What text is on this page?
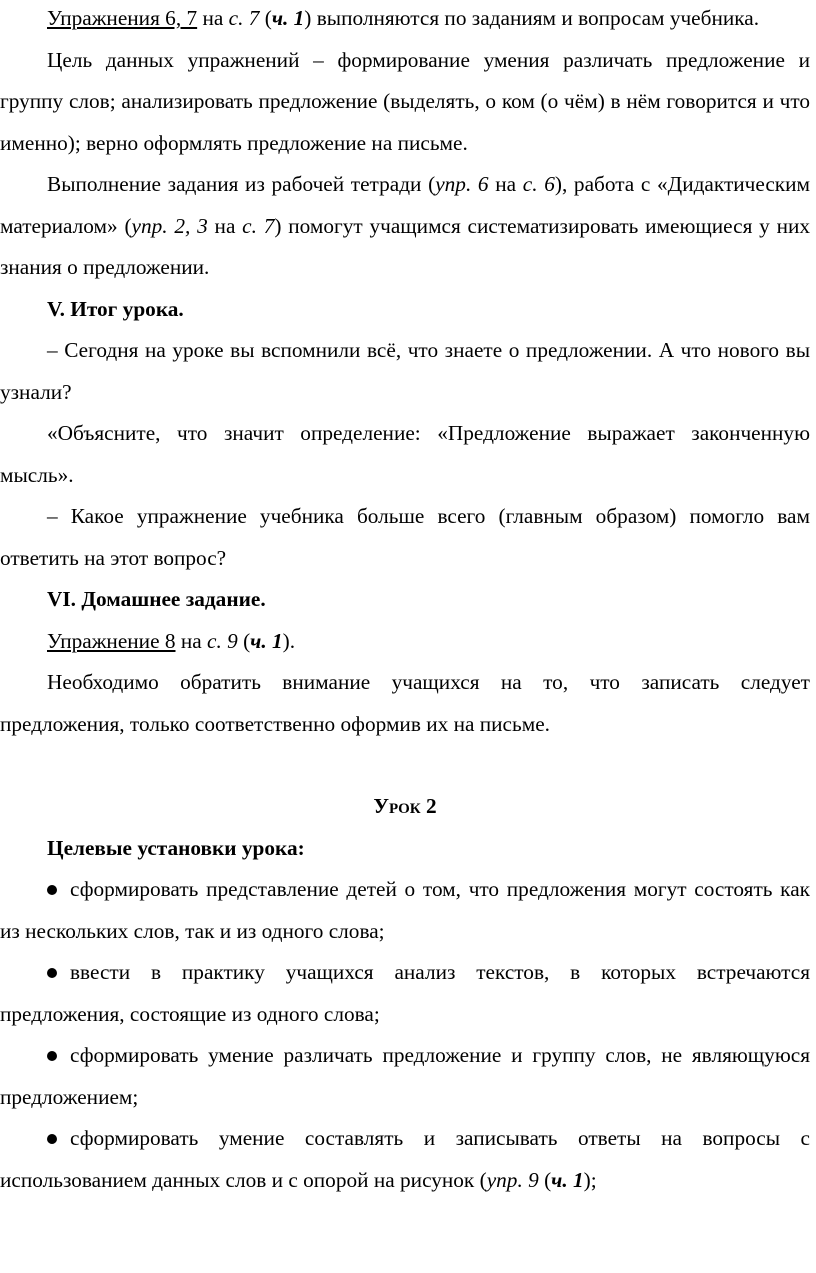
Упражнения 6, 7 на с. 7 (ч. 1) выполняются по заданиям и вопросам учебника.

Цель данных упражнений – формирование умения различать предложение и группу слов; анализировать предложение (выделять, о ком (о чём) в нём говорится и что именно); верно оформлять предложение на письме.

Выполнение задания из рабочей тетради (упр. 6 на с. 6), работа с «Дидактическим материалом» (упр. 2, 3 на с. 7) помогут учащимся систематизировать имеющиеся у них знания о предложении.

V. Итог урока.

– Сегодня на уроке вы вспомнили всё, что знаете о предложении. А что нового вы узнали?

«Объясните, что значит определение: «Предложение выражает законченную мысль».

– Какое упражнение учебника больше всего (главным образом) помогло вам ответить на этот вопрос?

VI. Домашнее задание.

Упражнение 8 на с. 9 (ч. 1).

Необходимо обратить внимание учащихся на то, что записать следует предложения, только соответственно оформив их на письме.

Урок 2

Целевые установки урока:

сформировать представление детей о том, что предложения могут состоять как из нескольких слов, так и из одного слова;
ввести в практику учащихся анализ текстов, в которых встречаются предложения, состоящие из одного слова;
сформировать умение различать предложение и группу слов, не являющуюся предложением;
сформировать умение составлять и записывать ответы на вопросы с использованием данных слов и с опорой на рисунок (упр. 9 (ч. 1);
